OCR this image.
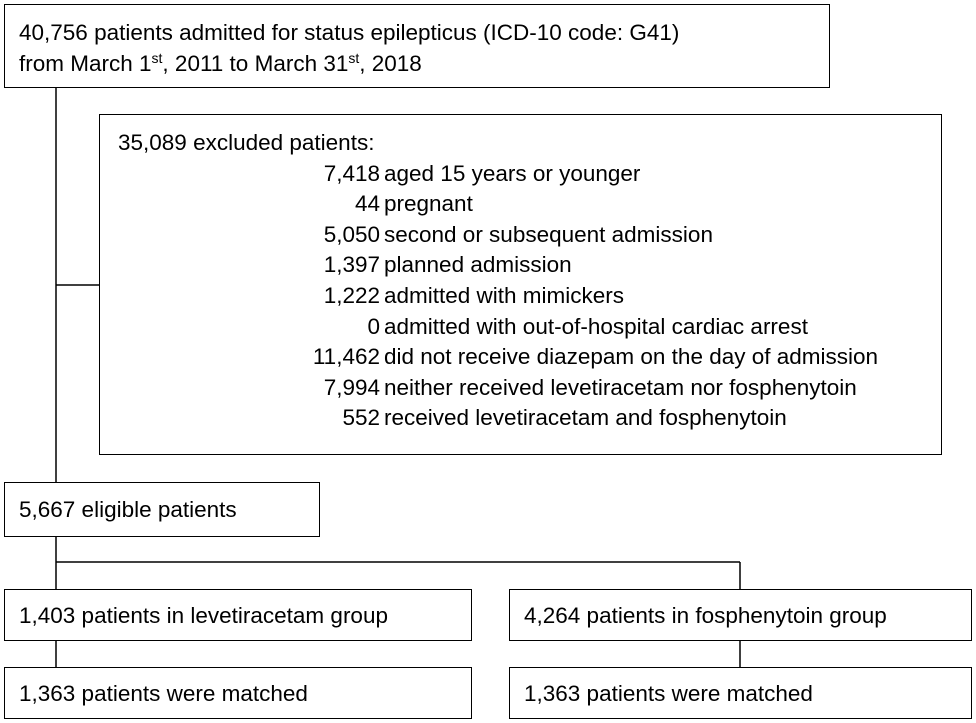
40,756 patients admitted for status epilepticus (ICD-10 code: G41)
from March 1st, 2011 to March 31st, 2018
35,089 excluded patients:
7,418 aged 15 years or younger
44 pregnant
5,050 second or subsequent admission
1,397 planned admission
1,222 admitted with mimickers
0 admitted with out-of-hospital cardiac arrest
11,462 did not receive diazepam on the day of admission
7,994 neither received levetiracetam nor fosphenytoin
552 received levetiracetam and fosphenytoin
5,667 eligible patients
1,403 patients in levetiracetam group	4,264 patients in fosphenytoin group
1,363 patients were matched	1,363 patients were matched
